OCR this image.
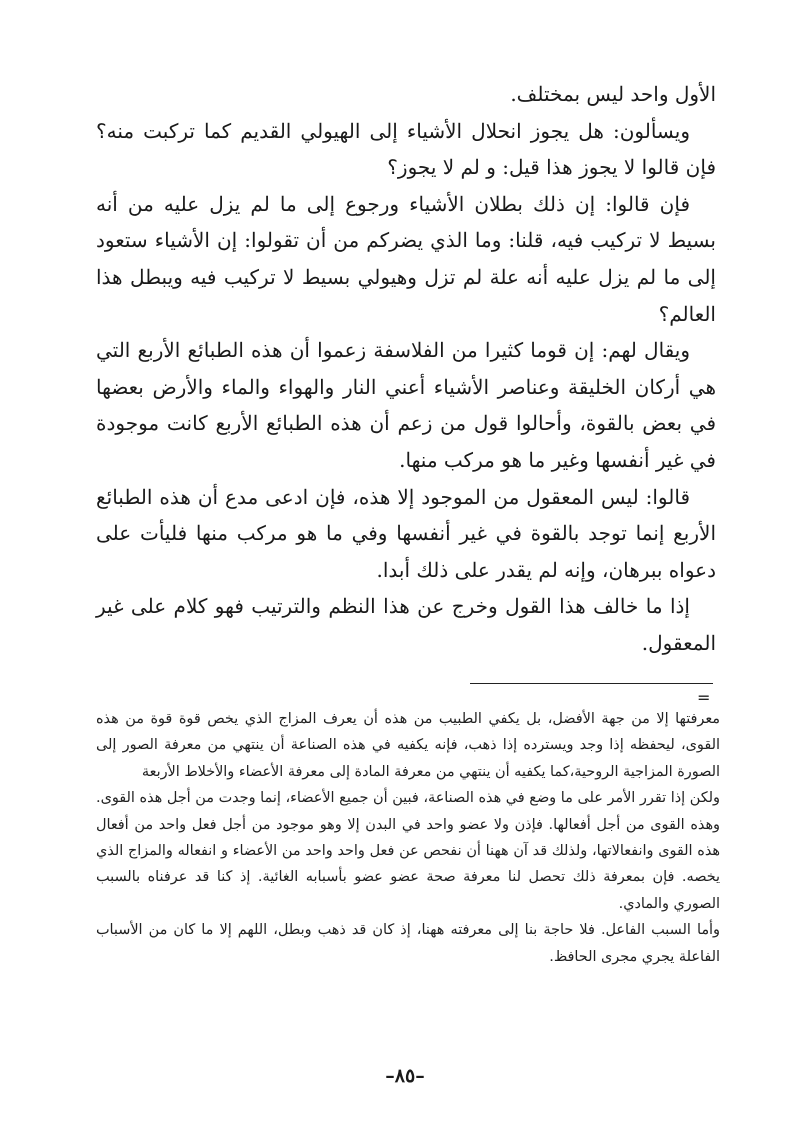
الأول واحد ليس بمختلف.

ويسألون: هل يجوز انحلال الأشياء إلى الهيولي القديم كما تركبت منه؟ فإن قالوا لا يجوز هذا قيل: و لم لا يجوز؟

فإن قالوا: إن ذلك بطلان الأشياء ورجوع إلى ما لم يزل عليه من أنه بسيط لا تركيب فيه، قلنا: وما الذي يضركم من أن تقولوا: إن الأشياء ستعود إلى ما لم يزل عليه أنه علة لم تزل وهيولي بسيط لا تركيب فيه ويبطل هذا العالم؟

ويقال لهم: إن قوما كثيرا من الفلاسفة زعموا أن هذه الطبائع الأربع التي هي أركان الخليقة وعناصر الأشياء أعني النار والهواء والماء والأرض بعضها في بعض بالقوة، وأحالوا قول من زعم أن هذه الطبائع الأربع كانت موجودة في غير أنفسها وغير ما هو مركب منها.

قالوا: ليس المعقول من الموجود إلا هذه، فإن ادعى مدع أن هذه الطبائع الأربع إنما توجد بالقوة في غير أنفسها وفي ما هو مركب منها فليأت على دعواه ببرهان، وإنه لم يقدر على ذلك أبدا.

إذا ما خالف هذا القول وخرج عن هذا النظم والترتيب فهو كلام على غير المعقول.

=

معرفتها إلا من جهة الأفضل، بل يكفي الطبيب من هذه أن يعرف المزاج الذي يخص قوة قوة من هذه القوى، ليحفظه إذا وجد ويسترده إذا ذهب، فإنه يكفيه في هذه الصناعة أن ينتهي من معرفة الصور إلى الصورة المزاجية الروحية،كما يكفيه أن ينتهي من معرفة المادة إلى معرفة الأعضاء والأخلاط الأربعة

ولكن إذا تقرر الأمر على ما وضع في هذه الصناعة، فبين أن جميع الأعضاء، إنما وجدت من أجل هذه القوى. وهذه القوى من أجل أفعالها. فإذن ولا عضو واحد في البدن إلا وهو موجود من أجل فعل واحد من أفعال هذه القوى وانفعالاتها، ولذلك قد آن ههنا أن نفحص عن فعل واحد واحد من الأعضاء و انفعاله والمزاج الذي يخصه. فإن بمعرفة ذلك تحصل لنا معرفة صحة عضو عضو بأسبابه الغائية. إذ كنا قد عرفناه بالسبب الصوري والمادي.

وأما السبب الفاعل. فلا حاجة بنا إلى معرفته ههنا، إذ كان قد ذهب وبطل، اللهم إلا ما كان من الأسباب الفاعلة يجري مجرى الحافظ.

–٨٥–
